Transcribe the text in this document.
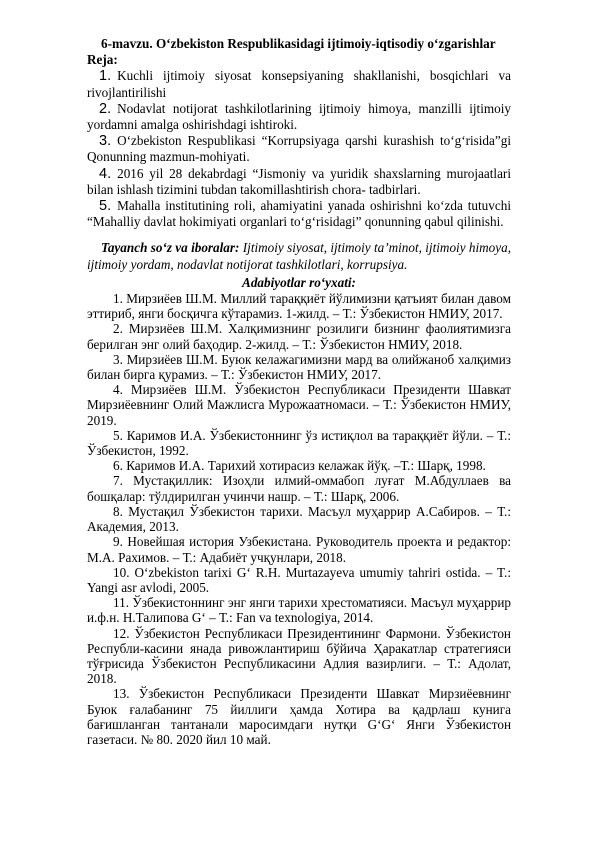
6-mavzu. O‘zbekiston Respublikasidagi ijtimoiy-iqtisodiy o‘zgarishlar

Reja:

1. Kuchli ijtimoiy siyosat konsepsiyaning shakllanishi, bosqichlari va rivojlantirilishi

2. Nodavlat notijorat tashkilotlarining ijtimoiy himoya, manzilli ijtimoiy yordamni amalga oshirishdagi ishtiroki.

3. O‘zbekiston Respublikasi “Korrupsiyaga qarshi kurashish to‘g‘risida”gi Qonunning mazmun-mohiyati.

4. 2016 yil 28 dekabrdagi “Jismoniy va yuridik shaxslarning murojaatlari bilan ishlash tizimini tubdan takomillashtirish chora- tadbirlari.

5. Mahalla institutining roli, ahamiyatini yanada oshirishni ko‘zda tutuvchi “Mahalliy davlat hokimiyati organlari to‘g‘risidagi” qonunning qabul qilinishi.

Tayanch so‘z va iboralar: Ijtimoiy siyosat, ijtimoiy ta’minot, ijtimoiy himoya, ijtimoiy yordam, nodavlat notijorat tashkilotlari, korrupsiya.

Adabiyotlar ro‘yxati:

1. Мирзиёев Ш.М. Миллий тараққиёт йўлимизни қатъият билан давом эттириб, янги босқичга кўтарамиз. 1-жилд. – Т.: Ўзбекистон НМИУ, 2017.

2. Мирзиёев Ш.М. Халқимизнинг розилиги бизнинг фаолиятимизга берилган энг олий баҳодир. 2-жилд. – Т.: Ўзбекистон НМИУ, 2018.

3. Мирзиёев Ш.М. Буюк келажагимизни мард ва олийжаноб халқимиз билан бирга қурамиз. – Т.: Ўзбекистон НМИУ, 2017.

4. Мирзиёев Ш.М. Ўзбекистон Республикаси Президенти Шавкат Мирзиёевнинг Олий Мажлисга Мурожаатномаси. – Т.: Ўзбекистон НМИУ, 2019.

5. Каримов И.А. Ўзбекистоннинг ўз истиқлол ва тараққиёт йўли. – Т.: Ўзбекистон, 1992.

6. Каримов И.А. Тарихий хотирасиз келажак йўқ. –Т.: Шарқ, 1998.

7. Мустақиллик: Изоҳли илмий-оммабоп луғат М.Абдуллаев ва бошқалар: тўлдирилган учинчи нашр. – Т.: Шарқ, 2006.

8. Мустақил Ўзбекистон тарихи. Масъул муҳаррир А.Сабиров. – Т.: Академия, 2013.

9. Новейшая история Узбекистана. Руководитель проекта и редактор: М.А. Рахимов. – Т.: Адабиёт учқунлари, 2018.

10. O‘zbekiston tarixi G‘ R.H. Murtazayeva umumiy tahriri ostida. – T.: Yangi asr avlodi, 2005.

11. Ўзбекистоннинг энг янги тарихи хрестоматияси. Масъул муҳаррир и.ф.н. Н.Талипова G‘ – Т.: Fan va texnologiya, 2014.

12. Ўзбекистон Республикаси Президентининг Фармони. Ўзбекистон Республи-касини янада ривожлантириш бўйича Ҳаракатлар стратегияси тўғрисида Ўзбекистон Республикасини Адлия вазирлиги. – Т.: Адолат, 2018.

13. Ўзбекистон Республикаси Президенти Шавкат Мирзиёевнинг Буюк ғалабанинг 75 йиллиги ҳамда Хотира ва қадрлаш кунига бағишланган тантанали маросимдаги нутқи G‘G‘ Янги Ўзбекистон газетаси. № 80. 2020 йил 10 май.
